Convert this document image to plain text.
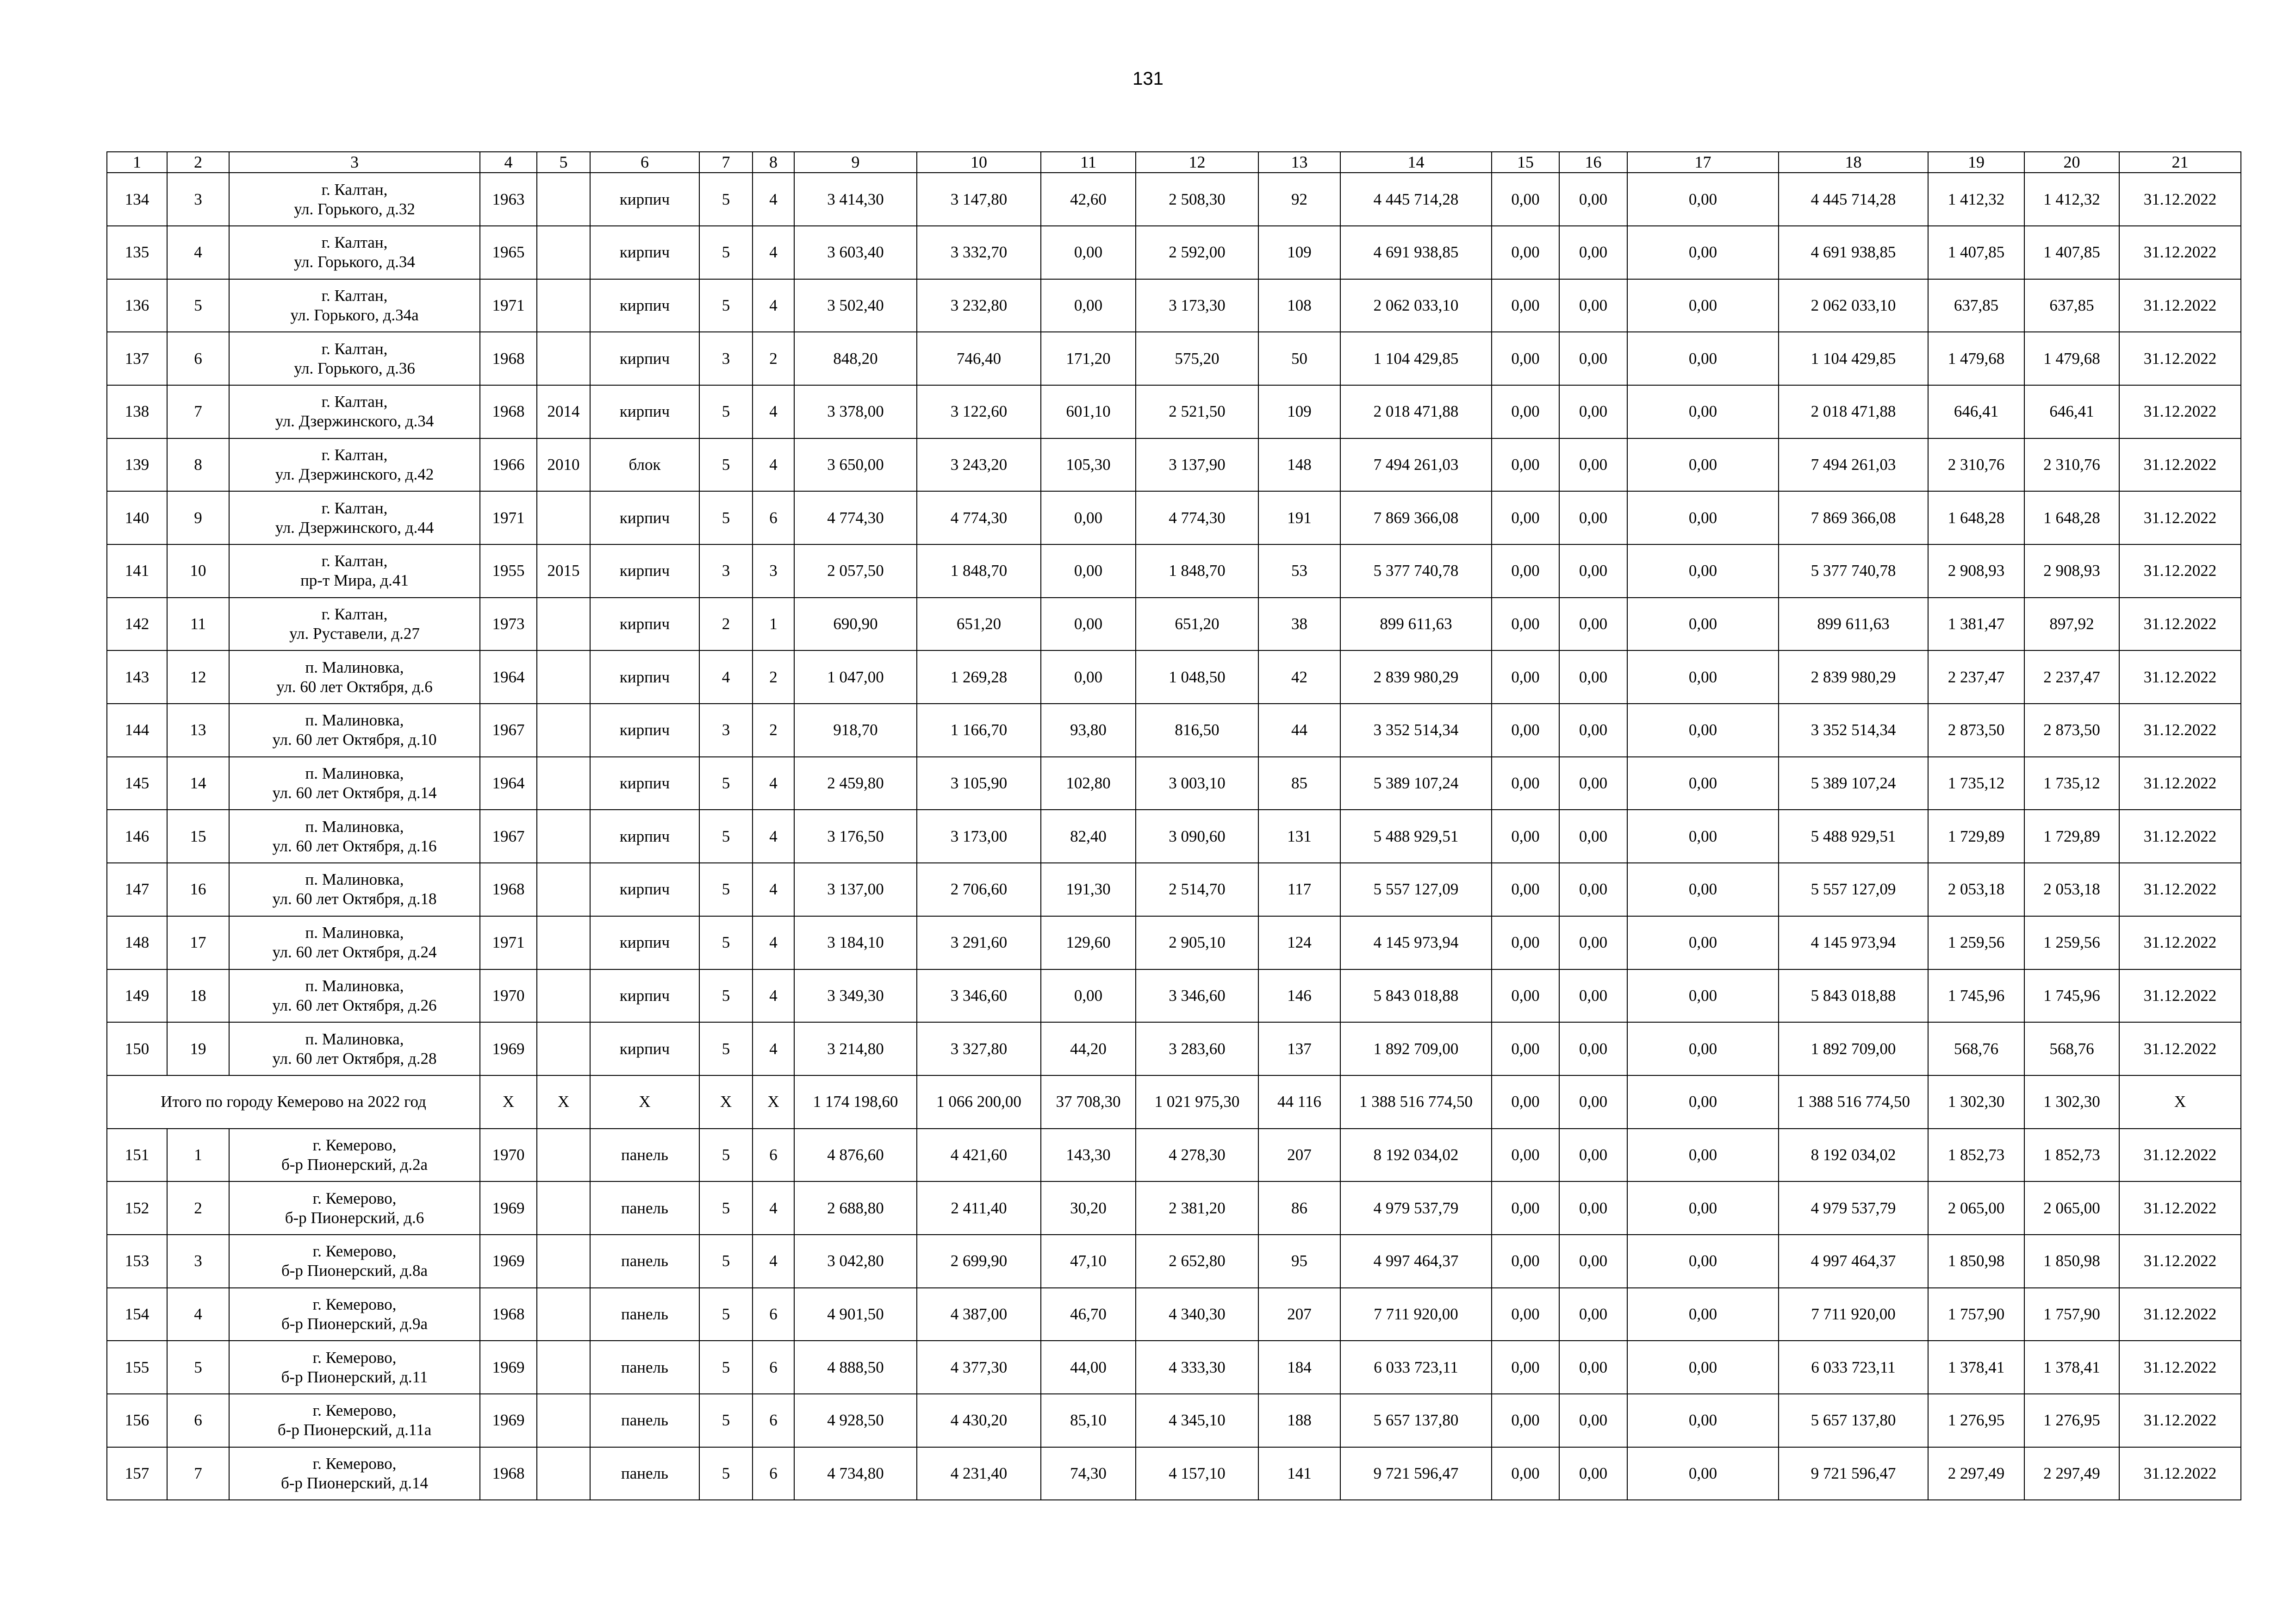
131
1	2	3	4	5	6	7	8	9	10	11	12	13	14	15	16	17	18	19	20	21
134	3	г. Калтан,
ул. Горького, д.32	1963		кирпич	5	4	3 414,30	3 147,80	42,60	2 508,30	92	4 445 714,28	0,00	0,00	0,00	4 445 714,28	1 412,32	1 412,32	31.12.2022
135	4	г. Калтан,
ул. Горького, д.34	1965		кирпич	5	4	3 603,40	3 332,70	0,00	2 592,00	109	4 691 938,85	0,00	0,00	0,00	4 691 938,85	1 407,85	1 407,85	31.12.2022
136	5	г. Калтан,
ул. Горького, д.34а	1971		кирпич	5	4	3 502,40	3 232,80	0,00	3 173,30	108	2 062 033,10	0,00	0,00	0,00	2 062 033,10	637,85	637,85	31.12.2022
137	6	г. Калтан,
ул. Горького, д.36	1968		кирпич	3	2	848,20	746,40	171,20	575,20	50	1 104 429,85	0,00	0,00	0,00	1 104 429,85	1 479,68	1 479,68	31.12.2022
138	7	г. Калтан,
ул. Дзержинского, д.34	1968	2014	кирпич	5	4	3 378,00	3 122,60	601,10	2 521,50	109	2 018 471,88	0,00	0,00	0,00	2 018 471,88	646,41	646,41	31.12.2022
139	8	г. Калтан,
ул. Дзержинского, д.42	1966	2010	блок	5	4	3 650,00	3 243,20	105,30	3 137,90	148	7 494 261,03	0,00	0,00	0,00	7 494 261,03	2 310,76	2 310,76	31.12.2022
140	9	г. Калтан,
ул. Дзержинского, д.44	1971		кирпич	5	6	4 774,30	4 774,30	0,00	4 774,30	191	7 869 366,08	0,00	0,00	0,00	7 869 366,08	1 648,28	1 648,28	31.12.2022
141	10	г. Калтан,
пр-т Мира, д.41	1955	2015	кирпич	3	3	2 057,50	1 848,70	0,00	1 848,70	53	5 377 740,78	0,00	0,00	0,00	5 377 740,78	2 908,93	2 908,93	31.12.2022
142	11	г. Калтан,
ул. Руставели, д.27	1973		кирпич	2	1	690,90	651,20	0,00	651,20	38	899 611,63	0,00	0,00	0,00	899 611,63	1 381,47	897,92	31.12.2022
143	12	п. Малиновка,
ул. 60 лет Октября, д.6	1964		кирпич	4	2	1 047,00	1 269,28	0,00	1 048,50	42	2 839 980,29	0,00	0,00	0,00	2 839 980,29	2 237,47	2 237,47	31.12.2022
144	13	п. Малиновка,
ул. 60 лет Октября, д.10	1967		кирпич	3	2	918,70	1 166,70	93,80	816,50	44	3 352 514,34	0,00	0,00	0,00	3 352 514,34	2 873,50	2 873,50	31.12.2022
145	14	п. Малиновка,
ул. 60 лет Октября, д.14	1964		кирпич	5	4	2 459,80	3 105,90	102,80	3 003,10	85	5 389 107,24	0,00	0,00	0,00	5 389 107,24	1 735,12	1 735,12	31.12.2022
146	15	п. Малиновка,
ул. 60 лет Октября, д.16	1967		кирпич	5	4	3 176,50	3 173,00	82,40	3 090,60	131	5 488 929,51	0,00	0,00	0,00	5 488 929,51	1 729,89	1 729,89	31.12.2022
147	16	п. Малиновка,
ул. 60 лет Октября, д.18	1968		кирпич	5	4	3 137,00	2 706,60	191,30	2 514,70	117	5 557 127,09	0,00	0,00	0,00	5 557 127,09	2 053,18	2 053,18	31.12.2022
148	17	п. Малиновка,
ул. 60 лет Октября, д.24	1971		кирпич	5	4	3 184,10	3 291,60	129,60	2 905,10	124	4 145 973,94	0,00	0,00	0,00	4 145 973,94	1 259,56	1 259,56	31.12.2022
149	18	п. Малиновка,
ул. 60 лет Октября, д.26	1970		кирпич	5	4	3 349,30	3 346,60	0,00	3 346,60	146	5 843 018,88	0,00	0,00	0,00	5 843 018,88	1 745,96	1 745,96	31.12.2022
150	19	п. Малиновка,
ул. 60 лет Октября, д.28	1969		кирпич	5	4	3 214,80	3 327,80	44,20	3 283,60	137	1 892 709,00	0,00	0,00	0,00	1 892 709,00	568,76	568,76	31.12.2022
Итого по городу Кемерово на 2022 год			X	X	X	X	X	1 174 198,60	1 066 200,00	37 708,30	1 021 975,30	44 116	1 388 516 774,50	0,00	0,00	0,00	1 388 516 774,50	1 302,30	1 302,30	X
151	1	г. Кемерово,
б-р Пионерский, д.2а	1970		панель	5	6	4 876,60	4 421,60	143,30	4 278,30	207	8 192 034,02	0,00	0,00	0,00	8 192 034,02	1 852,73	1 852,73	31.12.2022
152	2	г. Кемерово,
б-р Пионерский, д.6	1969		панель	5	4	2 688,80	2 411,40	30,20	2 381,20	86	4 979 537,79	0,00	0,00	0,00	4 979 537,79	2 065,00	2 065,00	31.12.2022
153	3	г. Кемерово,
б-р Пионерский, д.8а	1969		панель	5	4	3 042,80	2 699,90	47,10	2 652,80	95	4 997 464,37	0,00	0,00	0,00	4 997 464,37	1 850,98	1 850,98	31.12.2022
154	4	г. Кемерово,
б-р Пионерский, д.9а	1968		панель	5	6	4 901,50	4 387,00	46,70	4 340,30	207	7 711 920,00	0,00	0,00	0,00	7 711 920,00	1 757,90	1 757,90	31.12.2022
155	5	г. Кемерово,
б-р Пионерский, д.11	1969		панель	5	6	4 888,50	4 377,30	44,00	4 333,30	184	6 033 723,11	0,00	0,00	0,00	6 033 723,11	1 378,41	1 378,41	31.12.2022
156	6	г. Кемерово,
б-р Пионерский, д.11а	1969		панель	5	6	4 928,50	4 430,20	85,10	4 345,10	188	5 657 137,80	0,00	0,00	0,00	5 657 137,80	1 276,95	1 276,95	31.12.2022
157	7	г. Кемерово,
б-р Пионерский, д.14	1968		панель	5	6	4 734,80	4 231,40	74,30	4 157,10	141	9 721 596,47	0,00	0,00	0,00	9 721 596,47	2 297,49	2 297,49	31.12.2022
